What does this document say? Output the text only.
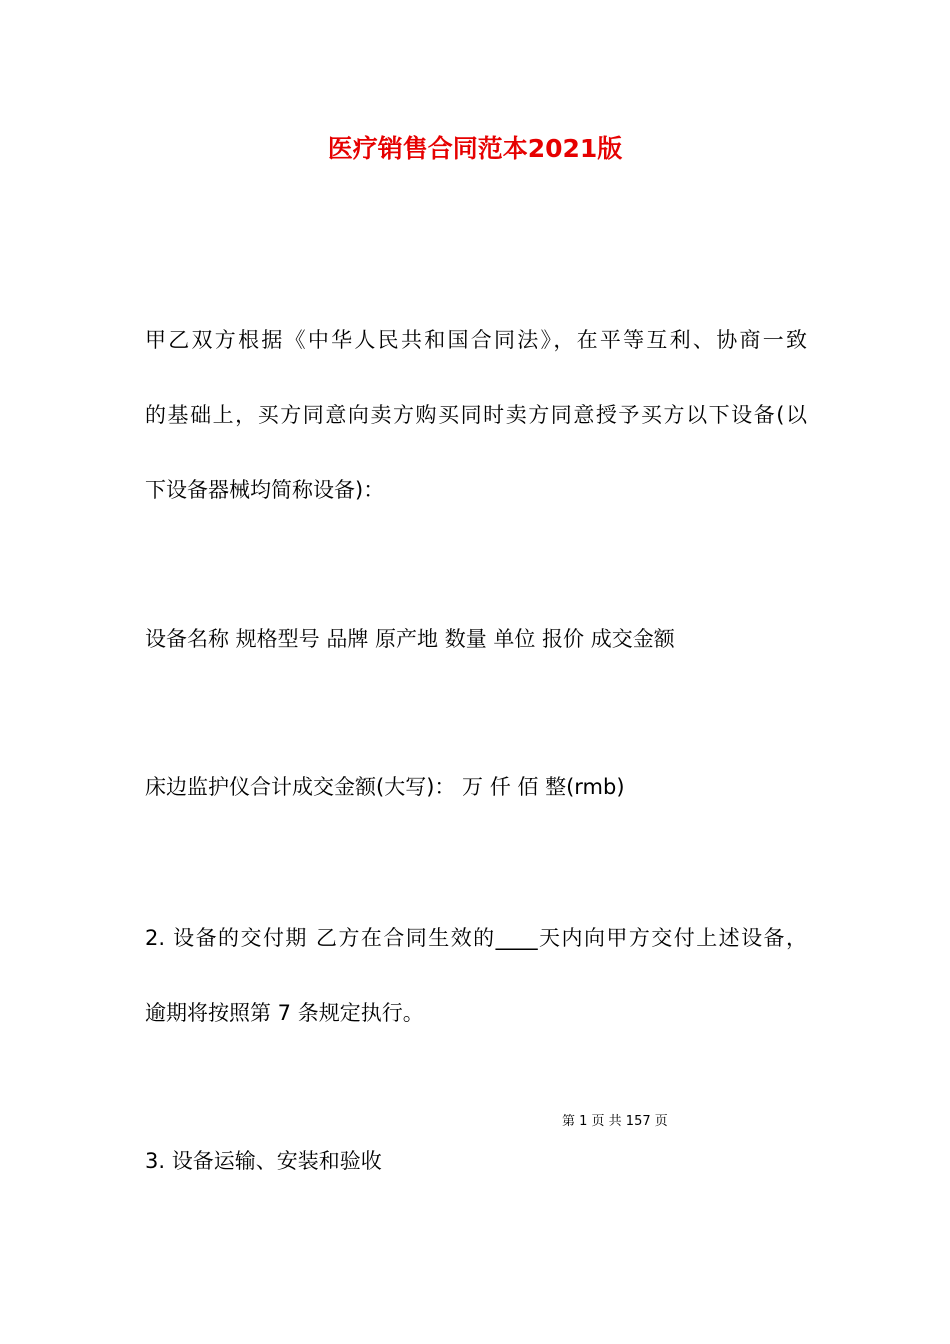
医疗销售合同范本2021版

甲乙双方根据《中华人民共和国合同法》，在平等互利、协商一致

的基础上，买方同意向卖方购买同时卖方同意授予买方以下设备(以

下设备器械均简称设备)：

设备名称 规格型号 品牌 原产地 数量 单位 报价 成交金额

床边监护仪合计成交金额(大写)： 万 仟 佰 整(rmb)

2. 设备的交付期 乙方在合同生效的____天内向甲方交付上述设备，

逾期将按照第 7 条规定执行。

第 1 页 共 157 页

3. 设备运输、安装和验收
